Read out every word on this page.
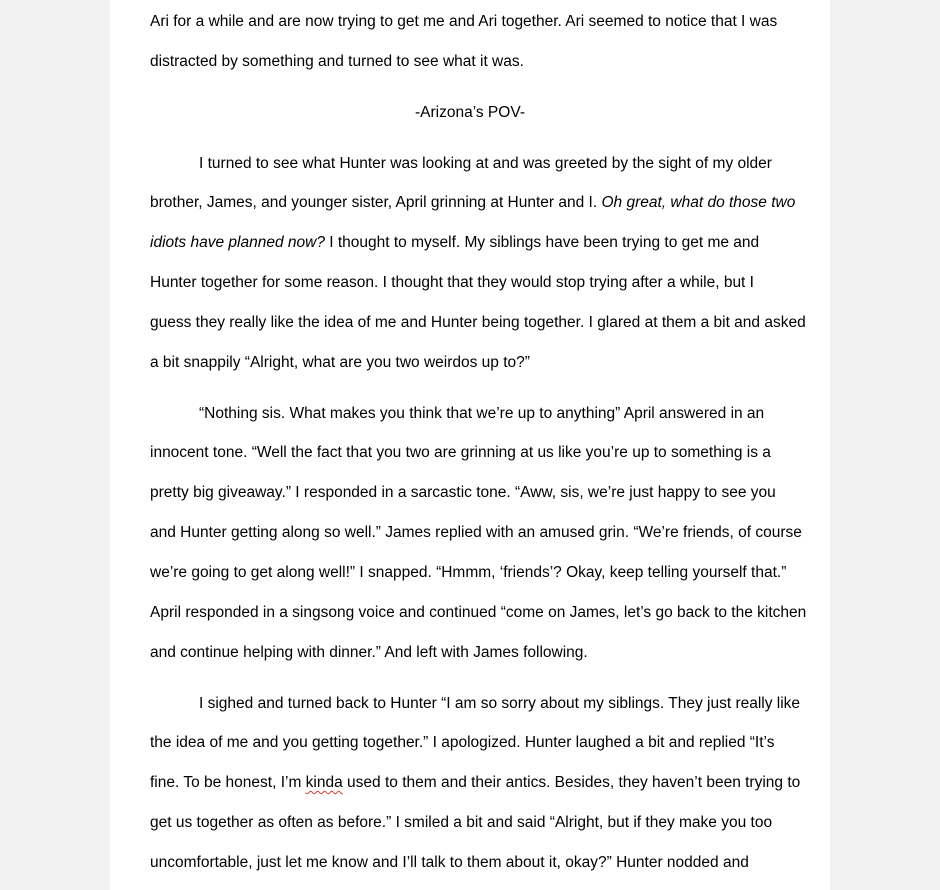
Ari for a while and are now trying to get me and Ari together. Ari seemed to notice that I was
distracted by something and turned to see what it was.
-Arizona’s POV-
I turned to see what Hunter was looking at and was greeted by the sight of my older
brother, James, and younger sister, April grinning at Hunter and I. Oh great, what do those two
idiots have planned now? I thought to myself. My siblings have been trying to get me and
Hunter together for some reason. I thought that they would stop trying after a while, but I
guess they really like the idea of me and Hunter being together. I glared at them a bit and asked
a bit snappily “Alright, what are you two weirdos up to?”
“Nothing sis. What makes you think that we’re up to anything” April answered in an
innocent tone. “Well the fact that you two are grinning at us like you’re up to something is a
pretty big giveaway.” I responded in a sarcastic tone. “Aww, sis, we’re just happy to see you
and Hunter getting along so well.” James replied with an amused grin. “We’re friends, of course
we’re going to get along well!” I snapped. “Hmmm, ‘friends’? Okay, keep telling yourself that.”
April responded in a singsong voice and continued “come on James, let’s go back to the kitchen
and continue helping with dinner.” And left with James following.
I sighed and turned back to Hunter “I am so sorry about my siblings. They just really like
the idea of me and you getting together.” I apologized. Hunter laughed a bit and replied “It’s
fine. To be honest, I’m kinda used to them and their antics. Besides, they haven’t been trying to
get us together as often as before.” I smiled a bit and said “Alright, but if they make you too
uncomfortable, just let me know and I’ll talk to them about it, okay?” Hunter nodded and
